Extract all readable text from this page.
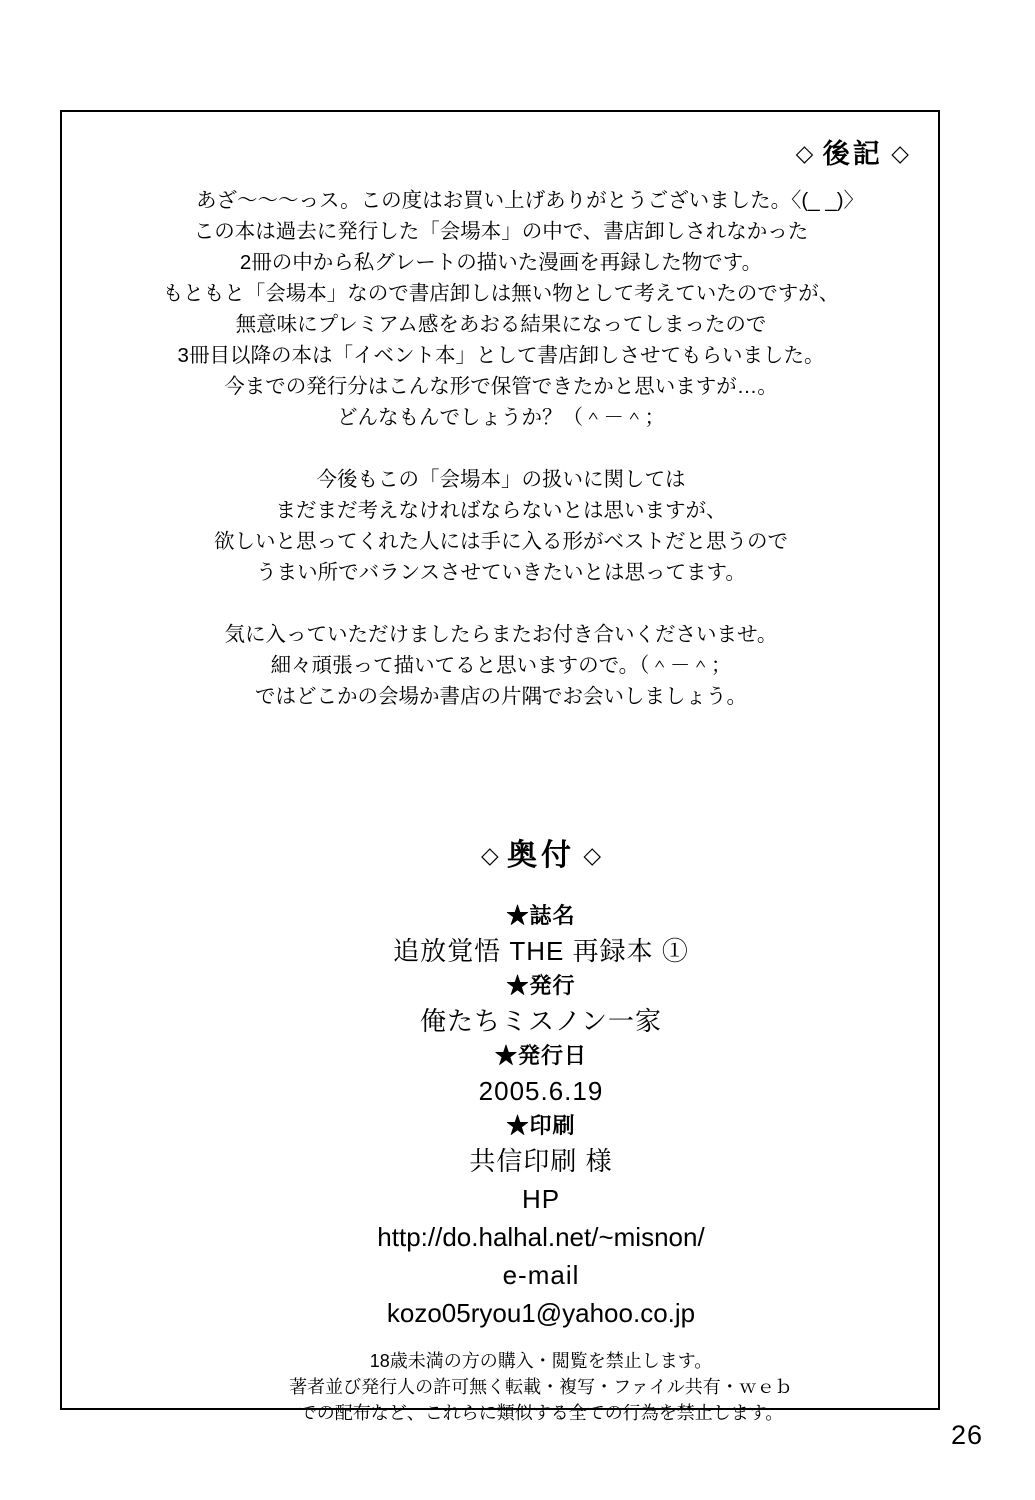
◇ 後記 ◇

あざ～～～っス。この度はお買い上げありがとうございました。〈(_ _)〉

この本は過去に発行した「会場本」の中で、書店卸しされなかった

2冊の中から私グレートの描いた漫画を再録した物です。

もともと「会場本」なので書店卸しは無い物として考えていたのですが、

無意味にプレミアム感をあおる結果になってしまったので

3冊目以降の本は「イベント本」として書店卸しさせてもらいました。

今までの発行分はこんな形で保管できたかと思いますが…。

どんなもんでしょうか？（＾－＾；

今後もこの「会場本」の扱いに関しては

まだまだ考えなければならないとは思いますが、

欲しいと思ってくれた人には手に入る形がベストだと思うので

うまい所でバランスさせていきたいとは思ってます。

気に入っていただけましたらまたお付き合いくださいませ。

細々頑張って描いてると思いますので。（＾－＾；

ではどこかの会場か書店の片隅でお会いしましょう。

◇ 奥付 ◇
★誌名
追放覚悟 THE 再録本 ①
★発行
俺たちミスノン一家
★発行日
2005.6.19
★印刷
共信印刷 様
HP
http://do.halhal.net/~misnon/
e-mail
kozo05ryou1@yahoo.co.jp
18歳未満の方の購入・閲覧を禁止します。
著者並び発行人の許可無く転載・複写・ファイル共有・ｗｅｂ
での配布など、これらに類似する全ての行為を禁止します。
26
